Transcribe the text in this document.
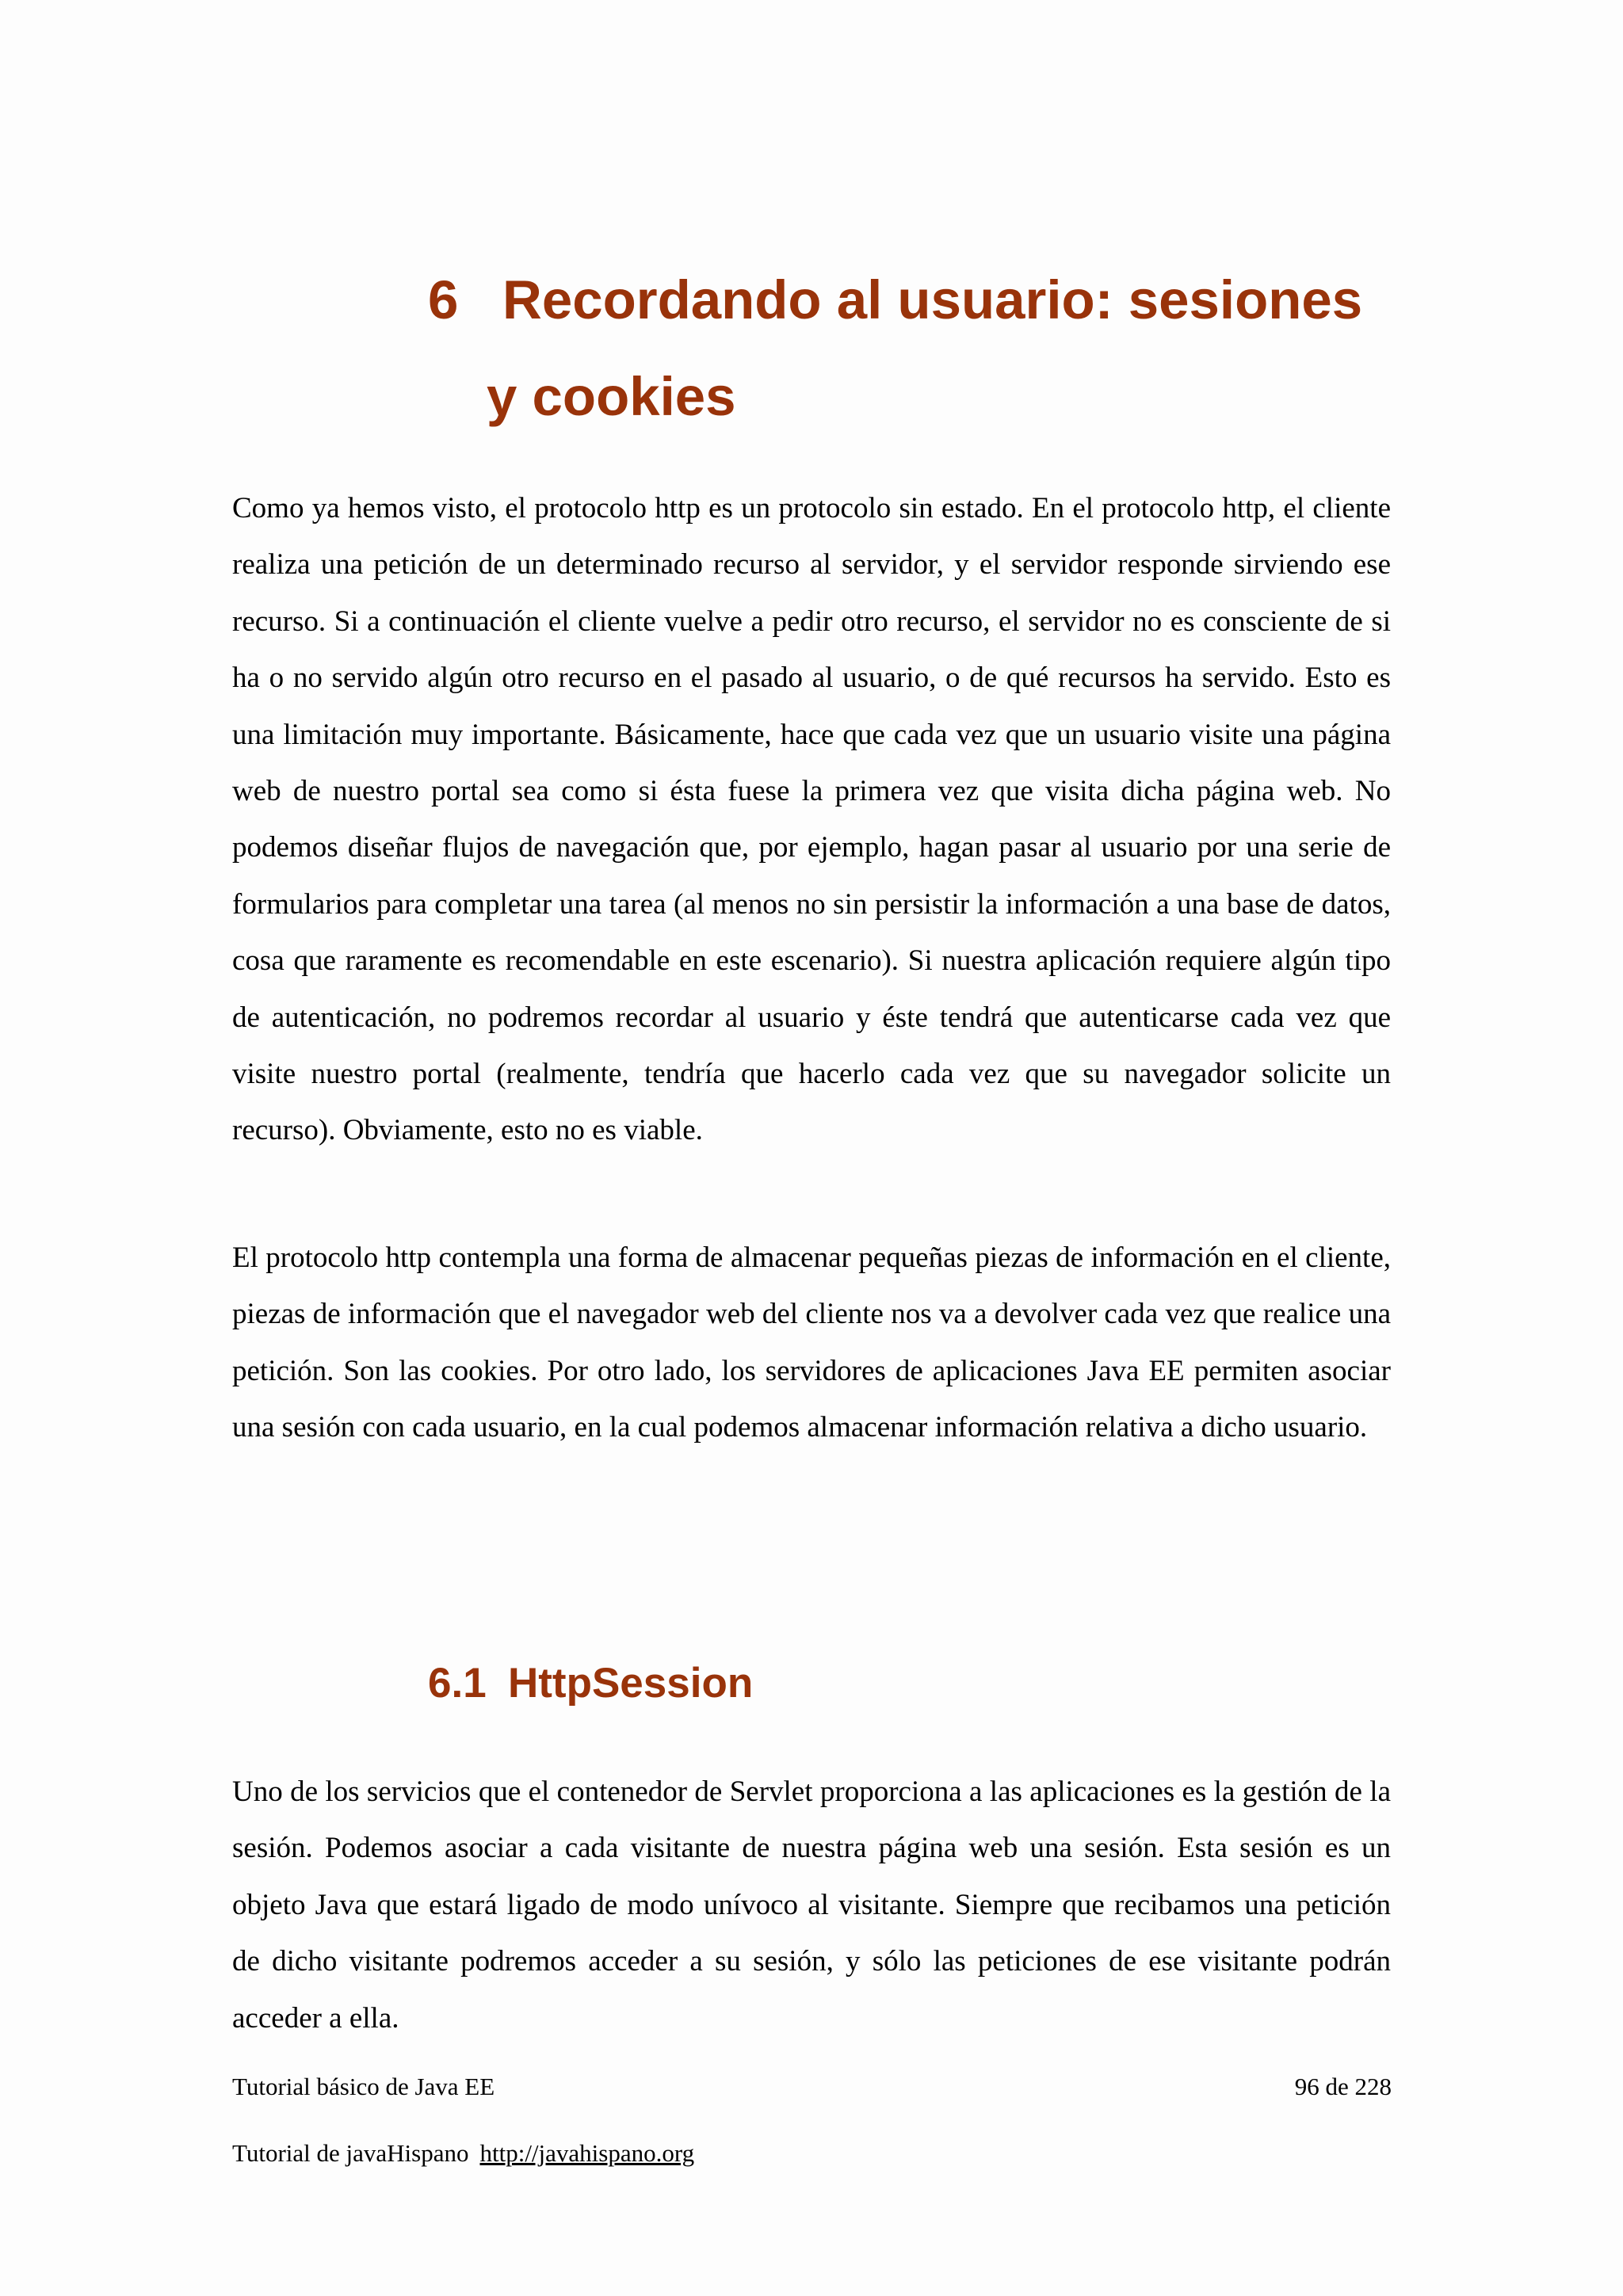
6 Recordando al usuario: sesiones
y cookies

Como ya hemos visto, el protocolo http es un protocolo sin estado. En el protocolo http, el cliente realiza una petición de un determinado recurso al servidor, y el servidor responde sirviendo ese recurso. Si a continuación el cliente vuelve a pedir otro recurso, el servidor no es consciente de si ha o no servido algún otro recurso en el pasado al usuario, o de qué recursos ha servido. Esto es una limitación muy importante. Básicamente, hace que cada vez que un usuario visite una página web de nuestro portal sea como si ésta fuese la primera vez que visita dicha página web. No podemos diseñar flujos de navegación que, por ejemplo, hagan pasar al usuario por una serie de formularios para completar una tarea (al menos no sin persistir la información a una base de datos, cosa que raramente es recomendable en este escenario). Si nuestra aplicación requiere algún tipo de autenticación, no podremos recordar al usuario y éste tendrá que autenticarse cada vez que visite nuestro portal (realmente, tendría que hacerlo cada vez que su navegador solicite un recurso). Obviamente, esto no es viable.

El protocolo http contempla una forma de almacenar pequeñas piezas de información en el cliente, piezas de información que el navegador web del cliente nos va a devolver cada vez que realice una petición. Son las cookies. Por otro lado, los servidores de aplicaciones Java EE permiten asociar una sesión con cada usuario, en la cual podemos almacenar información relativa a dicho usuario.

6.1 HttpSession

Uno de los servicios que el contenedor de Servlet proporciona a las aplicaciones es la gestión de la sesión. Podemos asociar a cada visitante de nuestra página web una sesión. Esta sesión es un objeto Java que estará ligado de modo unívoco al visitante. Siempre que recibamos una petición de dicho visitante podremos acceder a su sesión, y sólo las peticiones de ese visitante podrán acceder a ella.

Tutorial básico de Java EE	96 de 228
Tutorial de javaHispano http://javahispano.org
